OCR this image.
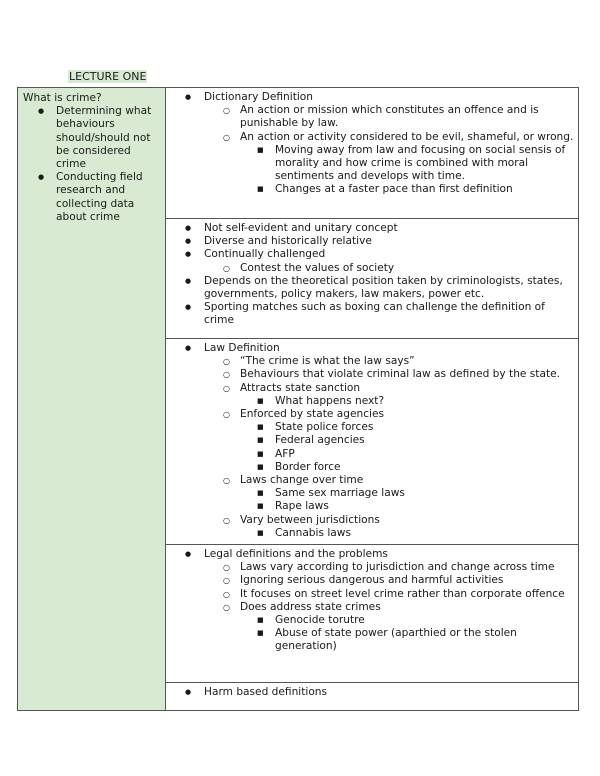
LECTURE ONE
What is crime?
● Determining what behaviours should/should not be considered crime
● Conducting field research and collecting data about crime
● Dictionary Definition
○ An action or mission which constitutes an offence and is punishable by law.
○ An action or activity considered to be evil, shameful, or wrong.
■ Moving away from law and focusing on social sensis of morality and how crime is combined with moral sentiments and develops with time.
■ Changes at a faster pace than first definition
● Not self-evident and unitary concept
● Diverse and historically relative
● Continually challenged
○ Contest the values of society
● Depends on the theoretical position taken by criminologists, states, governments, policy makers, law makers, power etc.
● Sporting matches such as boxing can challenge the definition of crime
● Law Definition
○ “The crime is what the law says”
○ Behaviours that violate criminal law as defined by the state.
○ Attracts state sanction
■ What happens next?
○ Enforced by state agencies
■ State police forces
■ Federal agencies
■ AFP
■ Border force
○ Laws change over time
■ Same sex marriage laws
■ Rape laws
○ Vary between jurisdictions
■ Cannabis laws
● Legal definitions and the problems
○ Laws vary according to jurisdiction and change across time
○ Ignoring serious dangerous and harmful activities
○ It focuses on street level crime rather than corporate offence
○ Does address state crimes
■ Genocide torutre
■ Abuse of state power (aparthied or the stolen generation)
● Harm based definitions
